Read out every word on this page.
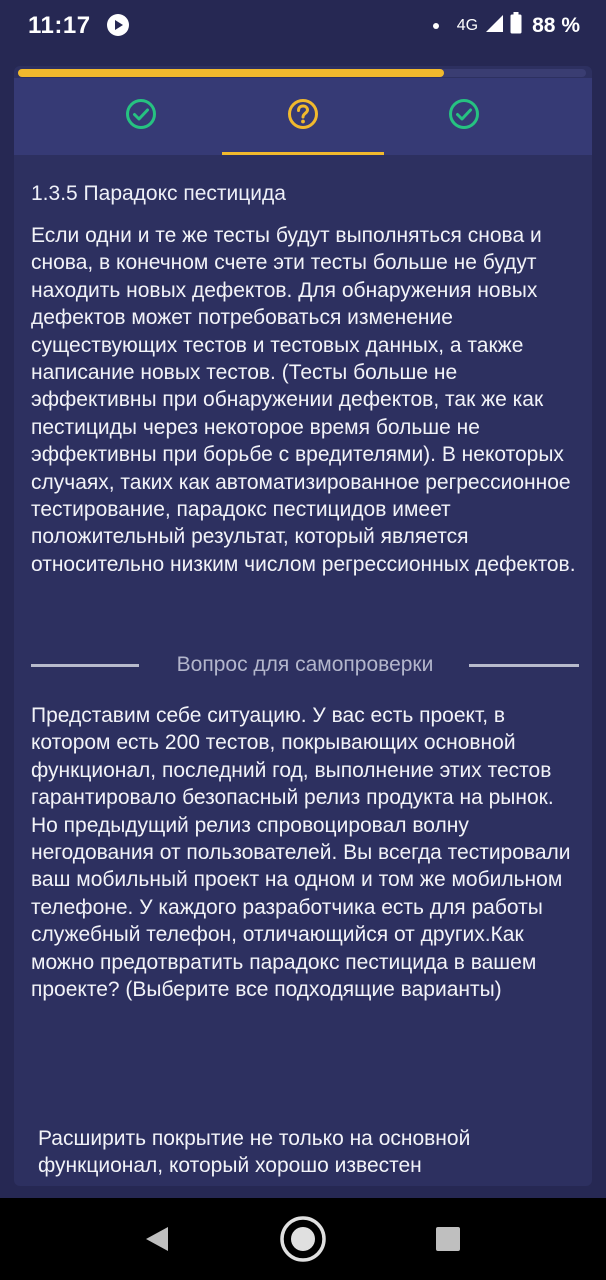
11:17	4G	88 %
1.3.5 Парадокс пестицида
Если одни и те же тесты будут выполняться снова и снова, в конечном счете эти тесты больше не будут находить новых дефектов. Для обнаружения новых дефектов может потребоваться изменение существующих тестов и тестовых данных, а также написание новых тестов. (Тесты больше не эффективны при обнаружении дефектов, так же как пестициды через некоторое время больше не эффективны при борьбе с вредителями). В некоторых случаях, таких как автоматизированное регрессионное тестирование, парадокс пестицидов имеет положительный результат, который является относительно низким числом регрессионных дефектов.
Вопрос для самопроверки
Представим себе ситуацию. У вас есть проект, в котором есть 200 тестов, покрывающих основной функционал, последний год, выполнение этих тестов гарантировало безопасный релиз продукта на рынок. Но предыдущий релиз спровоцировал волну негодования от пользователей. Вы всегда тестировали ваш мобильный проект на одном и том же мобильном телефоне. У каждого разработчика есть для работы служебный телефон, отличающийся от других.Как можно предотвратить парадокс пестицида в вашем проекте? (Выберите все подходящие варианты)
Расширить покрытие не только на основной функционал, который хорошо известен
